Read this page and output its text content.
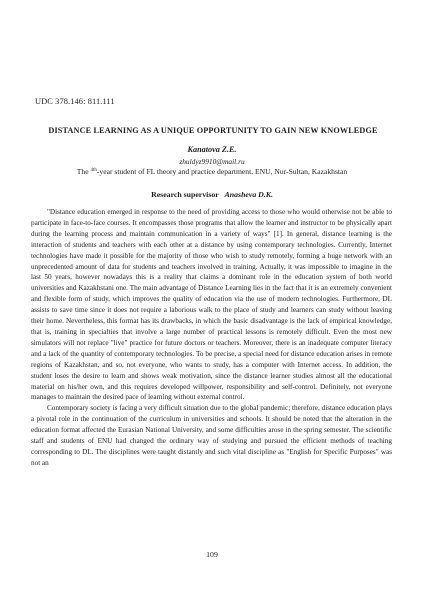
UDC 378.146: 811.111
DISTANCE LEARNING AS A UNIQUE OPPORTUNITY TO GAIN NEW KNOWLEDGE
Kanatova Z.E.
zhuldyz9910@mail.ru
The $^{4th}$-year student of FL theory and practice department, ENU, Nur-Sultan, Kazakhstan
Research supervisor Anasheva D.K.

"Distance education emerged in response to the need of providing access to those who would otherwise not be able to participate in face-to-face courses. It encompasses those programs that allow the learner and instructor to be physically apart during the learning process and maintain communication in a variety of ways" [1]. In general, distance learning is the interaction of students and teachers with each other at a distance by using contemporary technologies. Currently, Internet technologies have made it possible for the majority of those who wish to study remotely, forming a huge network with an unprecedented amount of data for students and teachers involved in training. Actually, it was impossible to imagine in the last 50 years, however nowadays this is a reality that claims a dominant role in the education system of both world universities and Kazakhstani one. The main advantage of Distance Learning lies in the fact that it is an extremely convenient and flexible form of study, which improves the quality of education via the use of modern technologies. Furthermore, DL assists to save time since it does not require a laborious walk to the place of study and learners can study without leaving their home. Nevertheless, this format has its drawbacks, in which the basic disadvantage is the lack of empirical knowledge, that is, training in specialties that involve a large number of practical lessons is remotely difficult. Even the most new simulators will not replace "live" practice for future doctors or teachers. Moreover, there is an inadequate computer literacy and a lack of the quantity of contemporary technologies. To be precise, a special need for distance education arises in remote regions of Kazakhstan, and so, not everyone, who wants to study, has a computer with Internet access. In addition, the student loses the desire to learn and shows weak motivation, since the distance learner studies almost all the educational material on his/her own, and this requires developed willpower, responsibility and self-control. Definitely, not everyone manages to maintain the desired pace of learning without external control.

Contemporary society is facing a very difficult situation due to the global pandemic; therefore, distance education plays a pivotal role in the continuation of the curriculum in universities and schools. It should be noted that the alteration in the education format affected the Eurasian National University, and some difficulties arose in the spring semester. The scientific staff and students of ENU had changed the ordinary way of studying and pursued the efficient methods of teaching corresponding to DL. The disciplines were taught distantly and such vital discipline as "English for Specific Purposes" was not an

109
